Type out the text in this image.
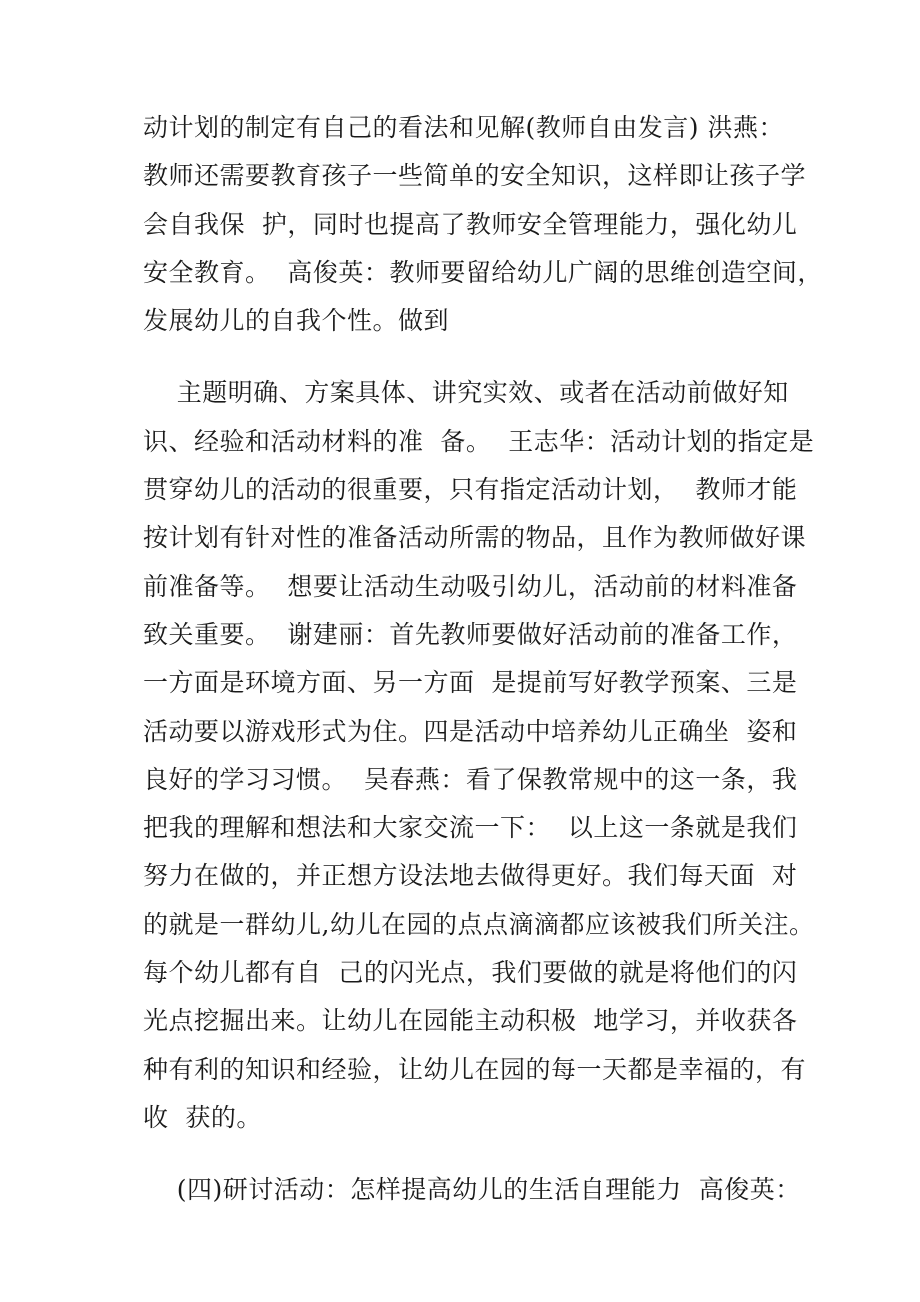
动计划的制定有自己的看法和见解(教师自由发言) 洪燕：
教师还需要教育孩子一些简单的安全知识，这样即让孩子学
会自我保  护，同时也提高了教师安全管理能力，强化幼儿
安全教育。  高俊英：教师要留给幼儿广阔的思维创造空间，
发展幼儿的自我个性。做到
主题明确、方案具体、讲究实效、或者在活动前做好知
识、经验和活动材料的准  备。  王志华：活动计划的指定是
贯穿幼儿的活动的很重要，只有指定活动计划，  教师才能
按计划有针对性的准备活动所需的物品，且作为教师做好课
前准备等。  想要让活动生动吸引幼儿，活动前的材料准备
致关重要。  谢建丽：首先教师要做好活动前的准备工作，
一方面是环境方面、另一方面  是提前写好教学预案、三是
活动要以游戏形式为住。四是活动中培养幼儿正确坐  姿和
良好的学习习惯。  吴春燕：看了保教常规中的这一条，我
把我的理解和想法和大家交流一下：  以上这一条就是我们
努力在做的，并正想方设法地去做得更好。我们每天面  对
的就是一群幼儿,幼儿在园的点点滴滴都应该被我们所关注。
每个幼儿都有自  己的闪光点，我们要做的就是将他们的闪
光点挖掘出来。让幼儿在园能主动积极  地学习，并收获各
种有利的知识和经验，让幼儿在园的每一天都是幸福的，有
收  获的。
(四)研讨活动：怎样提高幼儿的生活自理能力  高俊英：
